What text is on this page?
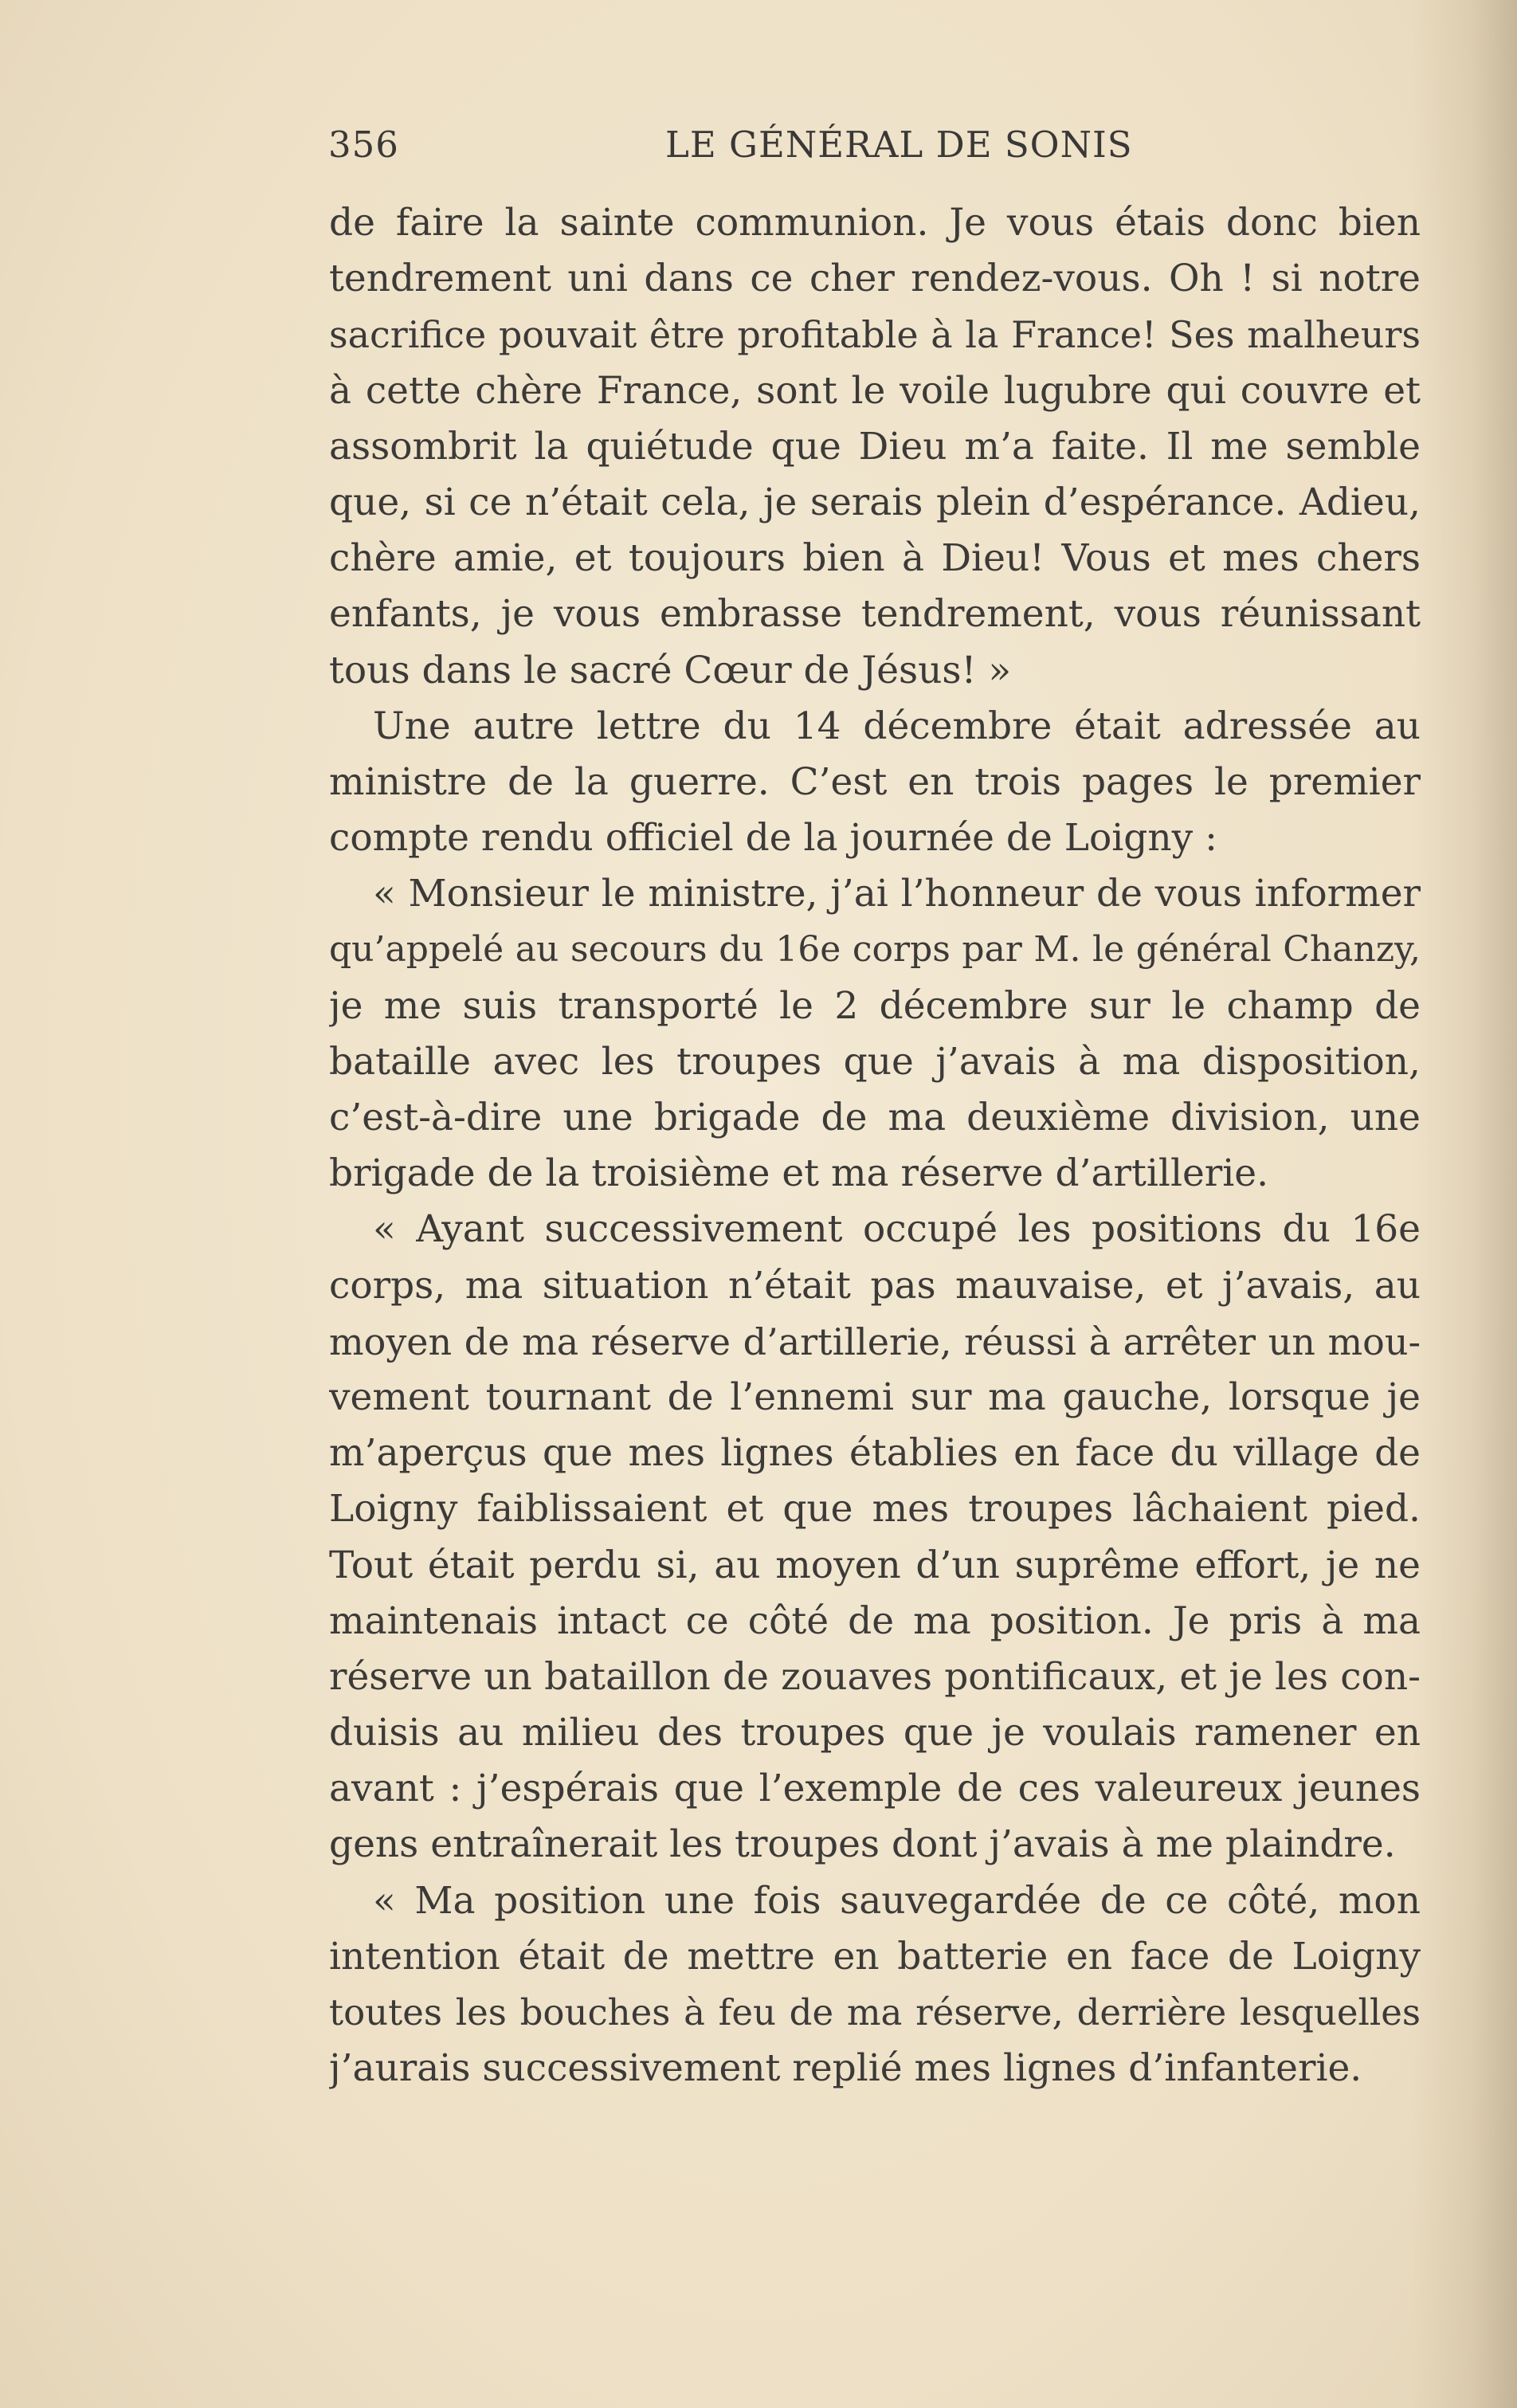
356	LE GÉNÉRAL DE SONIS
de faire la sainte communion. Je vous étais donc bien
tendrement uni dans ce cher rendez-vous. Oh ! si notre
sacrifice pouvait être profitable à la France! Ses malheurs
à cette chère France, sont le voile lugubre qui couvre et
assombrit la quiétude que Dieu m’a faite. Il me semble
que, si ce n’était cela, je serais plein d’espérance. Adieu,
chère amie, et toujours bien à Dieu! Vous et mes chers
enfants, je vous embrasse tendrement, vous réunissant
tous dans le sacré Cœur de Jésus! »
Une autre lettre du 14 décembre était adressée au
ministre de la guerre. C’est en trois pages le premier
compte rendu officiel de la journée de Loigny :
« Monsieur le ministre, j’ai l’honneur de vous informer
qu’appelé au secours du 16e corps par M. le général Chanzy,
je me suis transporté le 2 décembre sur le champ de
bataille avec les troupes que j’avais à ma disposition,
c’est-à-dire une brigade de ma deuxième division, une
brigade de la troisième et ma réserve d’artillerie.
« Ayant successivement occupé les positions du 16e
corps, ma situation n’était pas mauvaise, et j’avais, au
moyen de ma réserve d’artillerie, réussi à arrêter un mou-
vement tournant de l’ennemi sur ma gauche, lorsque je
m’aperçus que mes lignes établies en face du village de
Loigny faiblissaient et que mes troupes lâchaient pied.
Tout était perdu si, au moyen d’un suprême effort, je ne
maintenais intact ce côté de ma position. Je pris à ma
réserve un bataillon de zouaves pontificaux, et je les con-
duisis au milieu des troupes que je voulais ramener en
avant : j’espérais que l’exemple de ces valeureux jeunes
gens entraînerait les troupes dont j’avais à me plaindre.
« Ma position une fois sauvegardée de ce côté, mon
intention était de mettre en batterie en face de Loigny
toutes les bouches à feu de ma réserve, derrière lesquelles
j’aurais successivement replié mes lignes d’infanterie.
